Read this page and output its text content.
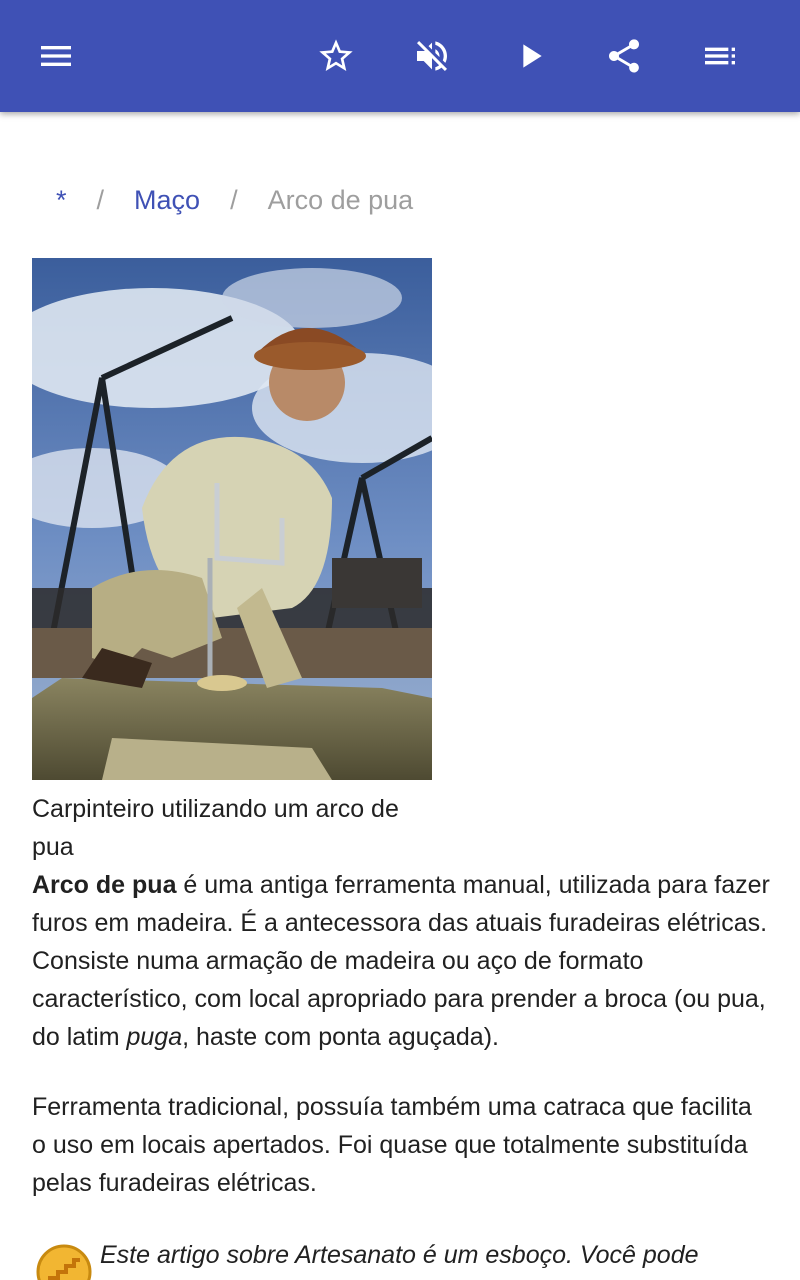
* / Maço / Arco de pua
Carpinteiro utilizando um arco de pua

Arco de pua é uma antiga ferramenta manual, utilizada para fazer furos em madeira. É a antecessora das atuais furadeiras elétricas. Consiste numa armação de madeira ou aço de formato característico, com local apropriado para prender a broca (ou pua, do latim puga, haste com ponta aguçada).

Ferramenta tradicional, possuía também uma catraca que facilita o uso em locais apertados. Foi quase que totalmente substituída pelas furadeiras elétricas.

Este artigo sobre Artesanato é um esboço. Você pode
